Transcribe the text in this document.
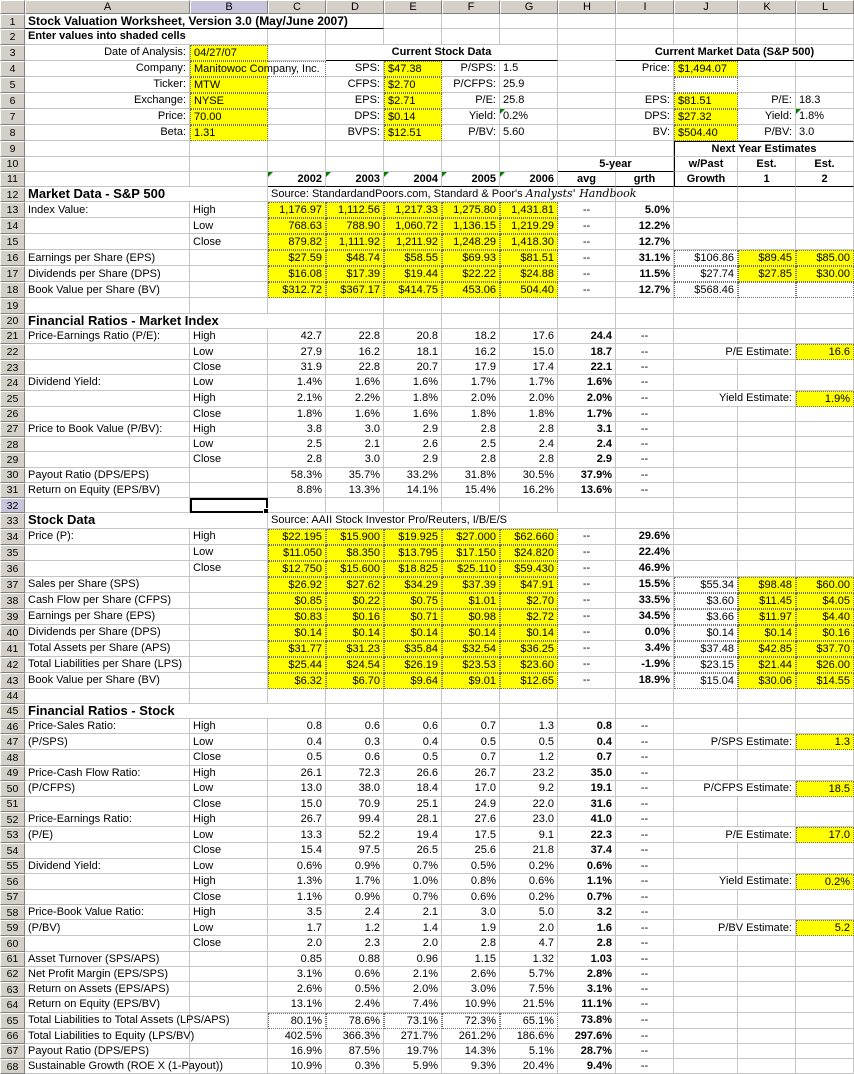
	A	B	C	D	E	F	G	H	I	J	K	L
1	Stock Valuation Worksheet, Version 3.0 (May/June 2007)											
2	Enter values into shaded cells											
3	Date of Analysis:	04/27/07		Current Stock Data					Current Market Data (S&P 500)			
4	Company:	Manitowoc Company, Inc.		SPS:	$47.38	P/SPS:	1.5		Price:	$1,494.07		
5	Ticker:	MTW		CFPS:	$2.70	P/CFPS:	25.9					
6	Exchange:	NYSE		EPS:	$2.71	P/E:	25.8		EPS:	$81.51	P/E:	18.3
7	Price:	70.00		DPS:	$0.14	Yield:	0.2%		DPS:	$27.32	Yield:	1.8%

8	Beta:	1.31		BVPS:	$12.51	P/BV:	5.60		BV:	$504.40	P/BV:	3.0
9										Next Year Estimates		
10								5-year		w/Past	Est.	Est.
11			2002	2003	2004	2005	2006	avg	grth	Growth	1	2
12	Market Data - S&P 500		Source: StandardandPoors.com, Standard & Poor's Analysts' Handbook									
13	Index Value:	High	1,176.97	1,112.56	1,217.33	1,275.80	1,431.81	--	5.0%			
14		Low	768.63	788.90	1,060.72	1,136.15	1,219.29	--	12.2%			
15		Close	879.82	1,111.92	1,211.92	1,248.29	1,418.30	--	12.7%			
16	Earnings per Share (EPS)		$27.59	$48.74	$58.55	$69.93	$81.51	--	31.1%	$106.86	$89.45	$85.00
17	Dividends per Share (DPS)		$16.08	$17.39	$19.44	$22.22	$24.88	--	11.5%	$27.74	$27.85	$30.00
18	Book Value per Share (BV)		$312.72	$367.17	$414.75	453.06	504.40	--	12.7%	$568.46		
19												
20	Financial Ratios - Market Index											
21	Price-Earnings Ratio (P/E):	High	42.7	22.8	20.8	18.2	17.6	24.4	--			
22		Low	27.9	16.2	18.1	16.2	15.0	18.7	--	P/E Estimate:		16.6
23		Close	31.9	22.8	20.7	17.9	17.4	22.1	--			
24	Dividend Yield:	Low	1.4%	1.6%	1.6%	1.7%	1.7%	1.6%	--			
25		High	2.1%	2.2%	1.8%	2.0%	2.0%	2.0%	--	Yield Estimate:		1.9%
26		Close	1.8%	1.6%	1.6%	1.8%	1.8%	1.7%	--			
27	Price to Book Value (P/BV):	High	3.8	3.0	2.9	2.8	2.8	3.1	--			
28		Low	2.5	2.1	2.6	2.5	2.4	2.4	--			
29		Close	2.8	3.0	2.9	2.8	2.8	2.9	--			
30	Payout Ratio (DPS/EPS)		58.3%	35.7%	33.2%	31.8%	30.5%	37.9%	--			
31	Return on Equity (EPS/BV)		8.8%	13.3%	14.1%	15.4%	16.2%	13.6%	--			
32												
33	Stock Data		Source: AAII Stock Investor Pro/Reuters, I/B/E/S									
34	Price (P):	High	$22.195	$15.900	$19.925	$27.000	$62.660	--	29.6%			
35		Low	$11.050	$8.350	$13.795	$17.150	$24.820	--	22.4%			
36		Close	$12.750	$15.600	$18.825	$25.110	$59.430	--	46.9%			
37	Sales per Share (SPS)		$26.92	$27.62	$34.29	$37.39	$47.91	--	15.5%	$55.34	$98.48	$60.00
38	Cash Flow per Share (CFPS)		$0.85	$0.22	$0.75	$1.01	$2.70	--	33.5%	$3.60	$11.45	$4.05
39	Earnings per Share (EPS)		$0.83	$0.16	$0.71	$0.98	$2.72	--	34.5%	$3.66	$11.97	$4.40
40	Dividends per Share (DPS)		$0.14	$0.14	$0.14	$0.14	$0.14	--	0.0%	$0.14	$0.14	$0.16
41	Total Assets per Share (APS)		$31.77	$31.23	$35.84	$32.54	$36.25	--	3.4%	$37.48	$42.85	$37.70
42	Total Liabilities per Share (LPS)		$25.44	$24.54	$26.19	$23.53	$23.60	--	-1.9%	$23.15	$21.44	$26.00
43	Book Value per Share (BV)		$6.32	$6.70	$9.64	$9.01	$12.65	--	18.9%	$15.04	$30.06	$14.55
44												
45	Financial Ratios - Stock											
46	Price-Sales Ratio:	High	0.8	0.6	0.6	0.7	1.3	0.8	--			
47	(P/SPS)	Low	0.4	0.3	0.4	0.5	0.5	0.4	--	P/SPS Estimate:		1.3
48		Close	0.5	0.6	0.5	0.7	1.2	0.7	--			
49	Price-Cash Flow Ratio:	High	26.1	72.3	26.6	26.7	23.2	35.0	--			
50	(P/CFPS)	Low	13.0	38.0	18.4	17.0	9.2	19.1	--	P/CFPS Estimate:		18.5
51		Close	15.0	70.9	25.1	24.9	22.0	31.6	--			
52	Price-Earnings Ratio:	High	26.7	99.4	28.1	27.6	23.0	41.0	--			
53	(P/E)	Low	13.3	52.2	19.4	17.5	9.1	22.3	--	P/E Estimate:		17.0
54		Close	15.4	97.5	26.5	25.6	21.8	37.4	--			
55	Dividend Yield:	Low	0.6%	0.9%	0.7%	0.5%	0.2%	0.6%	--			
56		High	1.3%	1.7%	1.0%	0.8%	0.6%	1.1%	--	Yield Estimate:		0.2%
57		Close	1.1%	0.9%	0.7%	0.6%	0.2%	0.7%	--			
58	Price-Book Value Ratio:	High	3.5	2.4	2.1	3.0	5.0	3.2	--			
59	(P/BV)	Low	1.7	1.2	1.4	1.9	2.0	1.6	--	P/BV Estimate:		5.2
60		Close	2.0	2.3	2.0	2.8	4.7	2.8	--			
61	Asset Turnover (SPS/APS)		0.85	0.88	0.96	1.15	1.32	1.03	--			
62	Net Profit Margin (EPS/SPS)		3.1%	0.6%	2.1%	2.6%	5.7%	2.8%	--			
63	Return on Assets (EPS/APS)		2.6%	0.5%	2.0%	3.0%	7.5%	3.1%	--			
64	Return on Equity (EPS/BV)		13.1%	2.4%	7.4%	10.9%	21.5%	11.1%	--			
65	Total Liabilities to Total Assets (LPS/APS)		80.1%	78.6%	73.1%	72.3%	65.1%	73.8%	--			
66	Total Liabilities to Equity (LPS/BV)		402.5%	366.3%	271.7%	261.2%	186.6%	297.6%	--			
67	Payout Ratio (DPS/EPS)		16.9%	87.5%	19.7%	14.3%	5.1%	28.7%	--			
68	Sustainable Growth (ROE X (1-Payout))		10.9%	0.3%	5.9%	9.3%	20.4%	9.4%	--			
